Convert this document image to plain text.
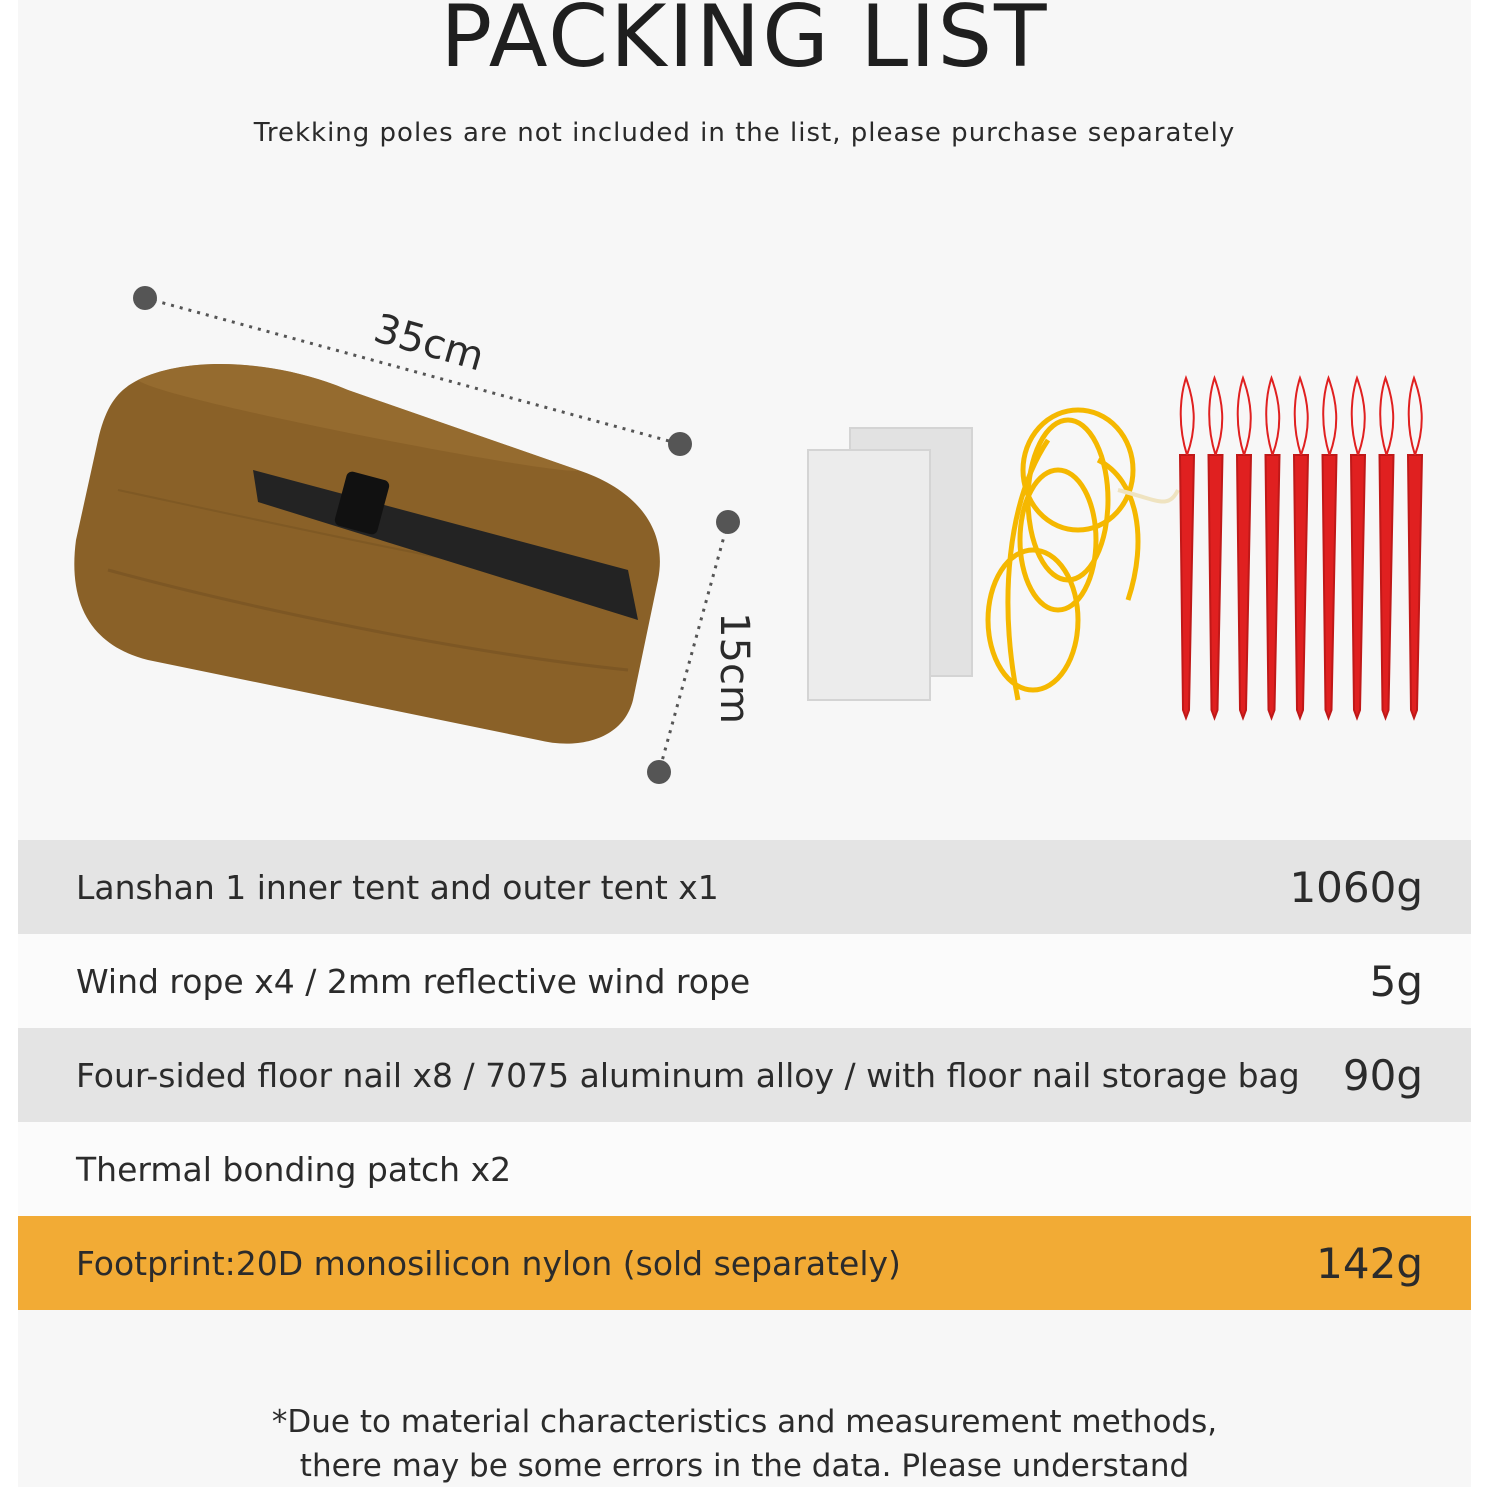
PACKING LIST
Trekking poles are not included in the list, please purchase separately
35cm
15cm
Lanshan 1 inner tent and outer tent x1	1060g
Wind rope x4 / 2mm reflective wind rope	5g
Four-sided floor nail x8 / 7075 aluminum alloy / with floor nail storage bag 90g
Thermal bonding patch x2
Footprint:20D monosilicon nylon (sold separately)	142g
*Due to material characteristics and measurement methods,
there may be some errors in the data. Please understand
